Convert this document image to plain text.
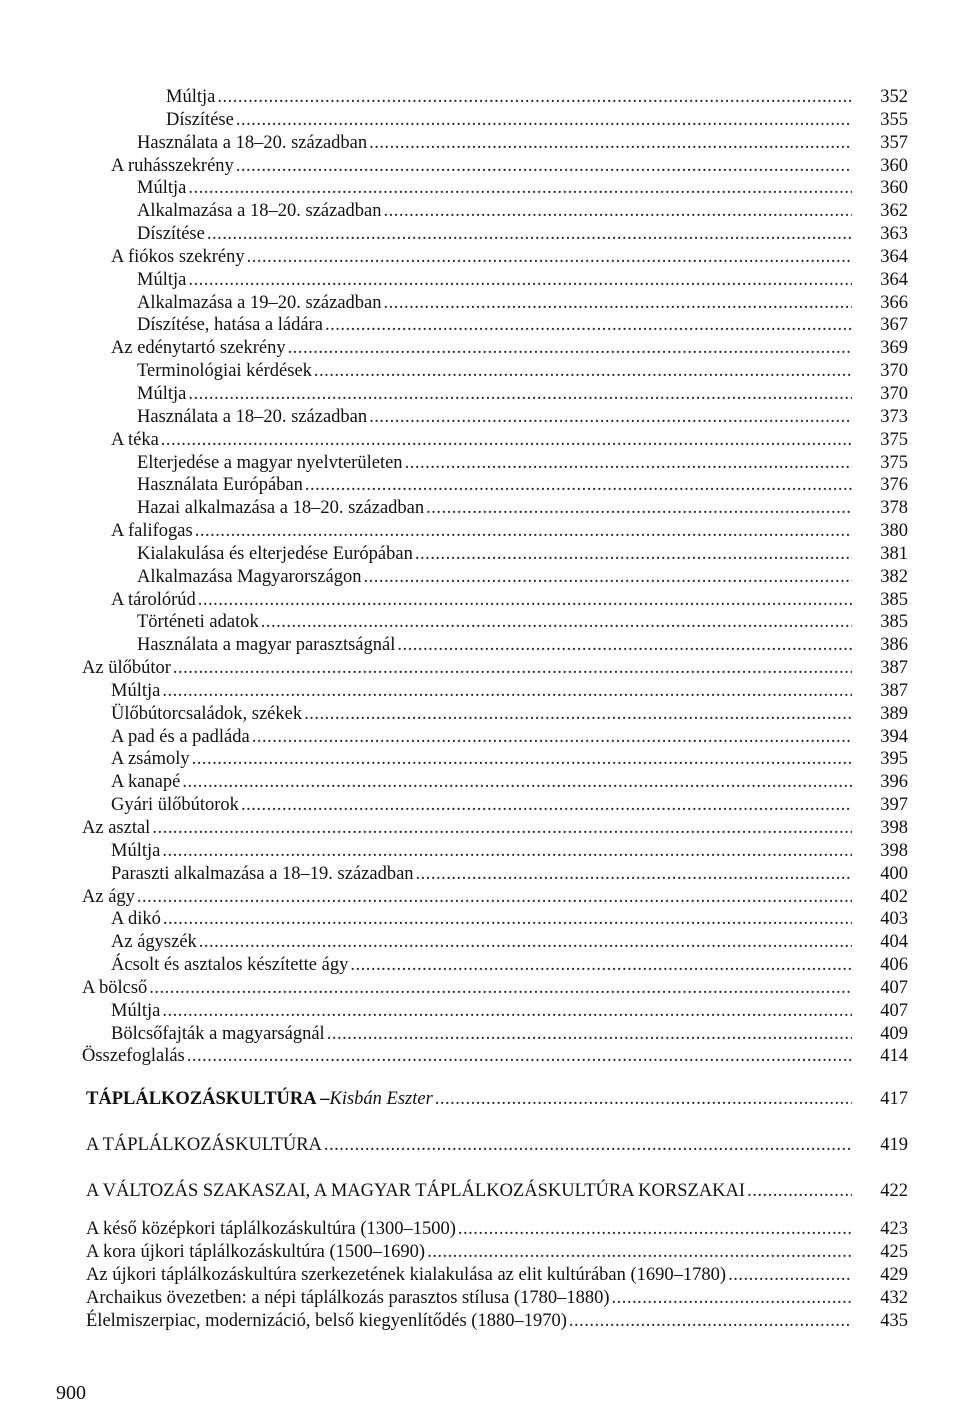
Múltja .....	352
Díszítése .....	355
Használata a 18–20. században .....	357
A ruhásszekrény .....	360
Múltja .....	360
Alkalmazása a 18–20. században .....	362
Díszítése .....	363
A fiókos szekrény .....	364
Múltja .....	364
Alkalmazása a 19–20. században .....	366
Díszítése, hatása a ládára .....	367
Az edénytartó szekrény .....	369
Terminológiai kérdések .....	370
Múltja .....	370
Használata a 18–20. században .....	373
A téka .....	375
Elterjedése a magyar nyelvterületen .....	375
Használata Európában .....	376
Hazai alkalmazása a 18–20. században .....	378
A falifogas .....	380
Kialakulása és elterjedése Európában .....	381
Alkalmazása Magyarországon .....	382
A tárolórúd .....	385
Történeti adatok .....	385
Használata a magyar parasztságnál .....	386
Az ülőbútor .....	387
Múltja .....	387
Ülőbútorcsaládok, székek .....	389
A pad és a padláda .....	394
A zsámoly .....	395
A kanapé .....	396
Gyári ülőbútorok .....	397
Az asztal .....	398
Múltja .....	398
Paraszti alkalmazása a 18–19. században .....	400
Az ágy .....	402
A dikó .....	403
Az ágyszék .....	404
Ácsolt és asztalos készítette ágy .....	406
A bölcső .....	407
Múltja .....	407
Bölcsőfajták a magyarságnál .....	409
Összefoglalás .....	414
TÁPLÁLKOZÁSKULTÚRA – Kisbán Eszter .....	417
A TÁPLÁLKOZÁSKULTÚRA .....	419
A VÁLTOZÁS SZAKASZAI, A MAGYAR TÁPLÁLKOZÁSKULTÚRA KORSZAKAI .....	422
A késő középkori táplálkozáskultúra (1300–1500) .....	423
A kora újkori táplálkozáskultúra (1500–1690) .....	425
Az újkori táplálkozáskultúra szerkezetének kialakulása az elit kultúrában (1690–1780) .....	429
Archaikus övezetben: a népi táplálkozás parasztos stílusa (1780–1880) .....	432
Élelmiszerpiac, modernizáció, belső kiegyenlítődés (1880–1970) .....	435
900
